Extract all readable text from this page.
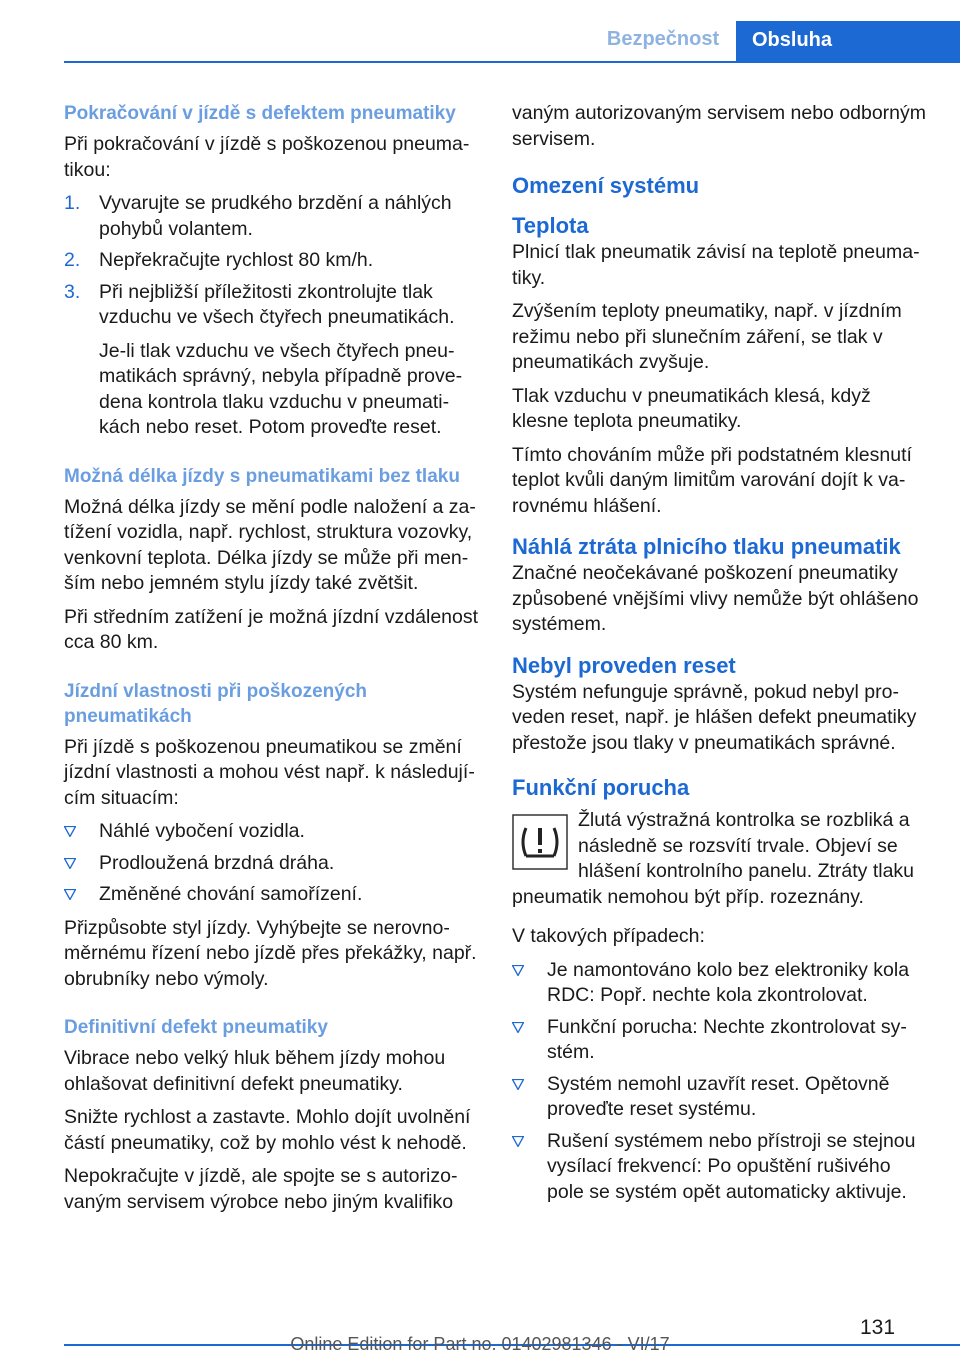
Bezpečnost	Obsluha
Pokračování v jízdě s defektem pneumatiky
Při pokračování v jízdě s poškozenou pneumatikou:
1. Vyvarujte se prudkého brzdění a náhlých pohybů volantem.
2. Nepřekračujte rychlost 80 km/h.
3. Při nejbližší příležitosti zkontrolujte tlak vzduchu ve všech čtyřech pneumatikách.
Je-li tlak vzduchu ve všech čtyřech pneumatikách správný, nebyla případně provedena kontrola tlaku vzduchu v pneumatikách nebo reset. Potom proveďte reset.
Možná délka jízdy s pneumatikami bez tlaku
Možná délka jízdy se mění podle naložení a zatížení vozidla, např. rychlost, struktura vozovky, venkovní teplota. Délka jízdy se může při menším nebo jemném stylu jízdy také zvětšit.
Při středním zatížení je možná jízdní vzdálenost cca 80 km.
Jízdní vlastnosti při poškozených pneumatikách
Při jízdě s poškozenou pneumatikou se změní jízdní vlastnosti a mohou vést např. k následujícím situacím:
Náhlé vybočení vozidla.
Prodloužená brzdná dráha.
Změněné chování samořízení.
Přizpůsobte styl jízdy. Vyhýbejte se nerovnoměrnému řízení nebo jízdě přes překážky, např. obrubníky nebo výmoly.
Definitivní defekt pneumatiky
Vibrace nebo velký hluk během jízdy mohou ohlašovat definitivní defekt pneumatiky.
Snižte rychlost a zastavte. Mohlo dojít uvolnění částí pneumatiky, což by mohlo vést k nehodě.
Nepokračujte v jízdě, ale spojte se s autorizovaným servisem výrobce nebo jiným kvalifiko
vaným autorizovaným servisem nebo odborným servisem.
Omezení systému
Teplota
Plnicí tlak pneumatik závisí na teplotě pneumatiky.
Zvýšením teploty pneumatiky, např. v jízdním režimu nebo při slunečním záření, se tlak v pneumatikách zvyšuje.
Tlak vzduchu v pneumatikách klesá, když klesne teplota pneumatiky.
Tímto chováním může při podstatném klesnutí teplot kvůli daným limitům varování dojít k varovnému hlášení.
Náhlá ztráta plnicího tlaku pneumatik
Značné neočekávané poškození pneumatiky způsobené vnějšími vlivy nemůže být ohlášeno systémem.
Nebyl proveden reset
Systém nefunguje správně, pokud nebyl proveden reset, např. je hlášen defekt pneumatiky přestože jsou tlaky v pneumatikách správné.
Funkční porucha
Žlutá výstražná kontrolka se rozbliká a následně se rozsvítí trvale. Objeví se hlášení kontrolního panelu. Ztráty tlaku pneumatik nemohou být příp. rozeznány.
V takových případech:
Je namontováno kolo bez elektroniky kola RDC: Popř. nechte kola zkontrolovat.
Funkční porucha: Nechte zkontrolovat systém.
Systém nemohl uzavřít reset. Opětovně proveďte reset systému.
Rušení systémem nebo přístroji se stejnou vysílací frekvencí: Po opuštění rušivého pole se systém opět automaticky aktivuje.
131
Online Edition for Part no. 01402981346 - VI/17
